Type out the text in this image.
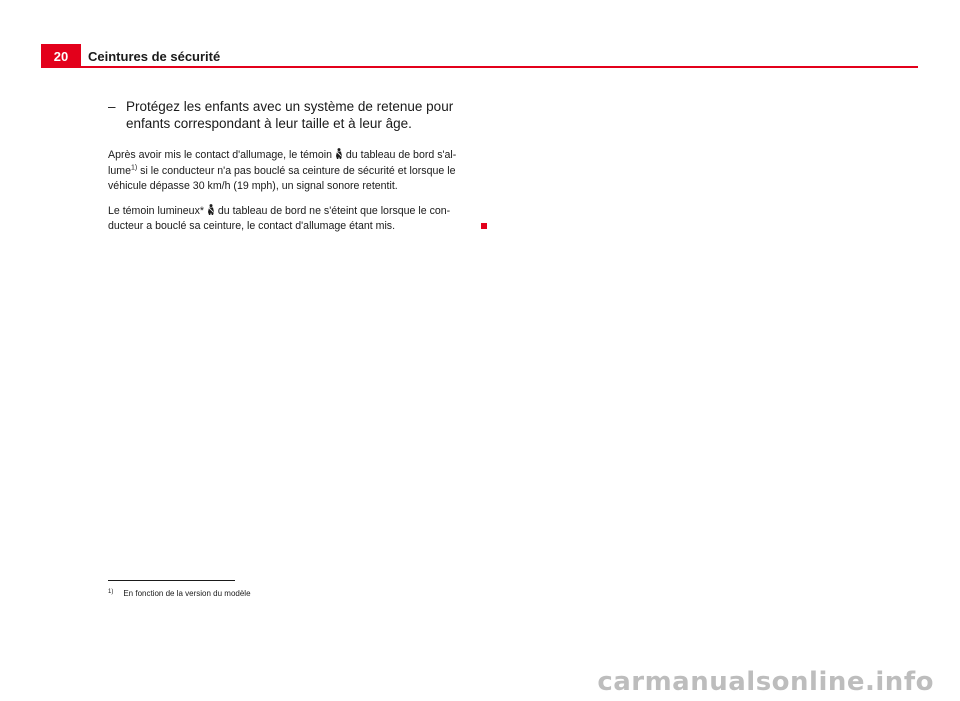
20	Ceintures de sécurité

– Protégez les enfants avec un système de retenue pour enfants correspondant à leur taille et à leur âge.

Après avoir mis le contact d'allumage, le témoin  du tableau de bord s'al-lume$^{1)}$ si le conducteur n'a pas bouclé sa ceinture de sécurité et lorsque le véhicule dépasse 30 km/h (19 mph), un signal sonore retentit.

Le témoin lumineux*  du tableau de bord ne s'éteint que lorsque le con-ducteur a bouclé sa ceinture, le contact d'allumage étant mis.

$^{1)}$ En fonction de la version du modèle
carmanualsonline.info
